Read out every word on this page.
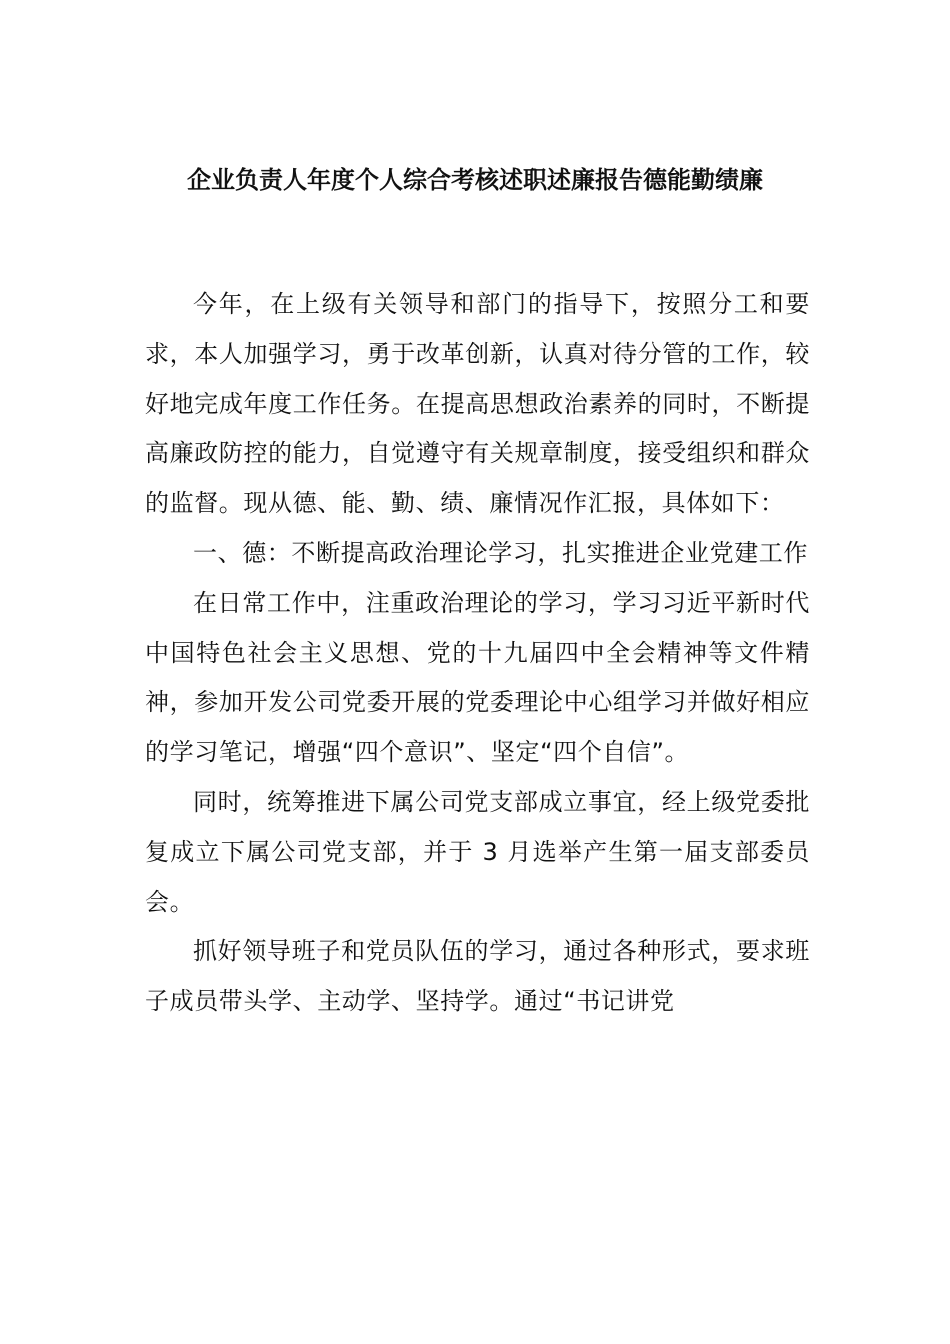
企业负责人年度个人综合考核述职述廉报告德能勤绩廉

今年，在上级有关领导和部门的指导下，按照分工和要求，本人加强学习，勇于改革创新，认真对待分管的工作，较好地完成年度工作任务。在提高思想政治素养的同时，不断提高廉政防控的能力，自觉遵守有关规章制度，接受组织和群众的监督。现从德、能、勤、绩、廉情况作汇报，具体如下：

一、德：不断提高政治理论学习，扎实推进企业党建工作

在日常工作中，注重政治理论的学习，学习习近平新时代中国特色社会主义思想、党的十九届四中全会精神等文件精神，参加开发公司党委开展的党委理论中心组学习并做好相应的学习笔记，增强“四个意识”、坚定“四个自信”。

同时，统筹推进下属公司党支部成立事宜，经上级党委批复成立下属公司党支部，并于 3 月选举产生第一届支部委员会。

抓好领导班子和党员队伍的学习，通过各种形式，要求班子成员带头学、主动学、坚持学。通过“书记讲党
